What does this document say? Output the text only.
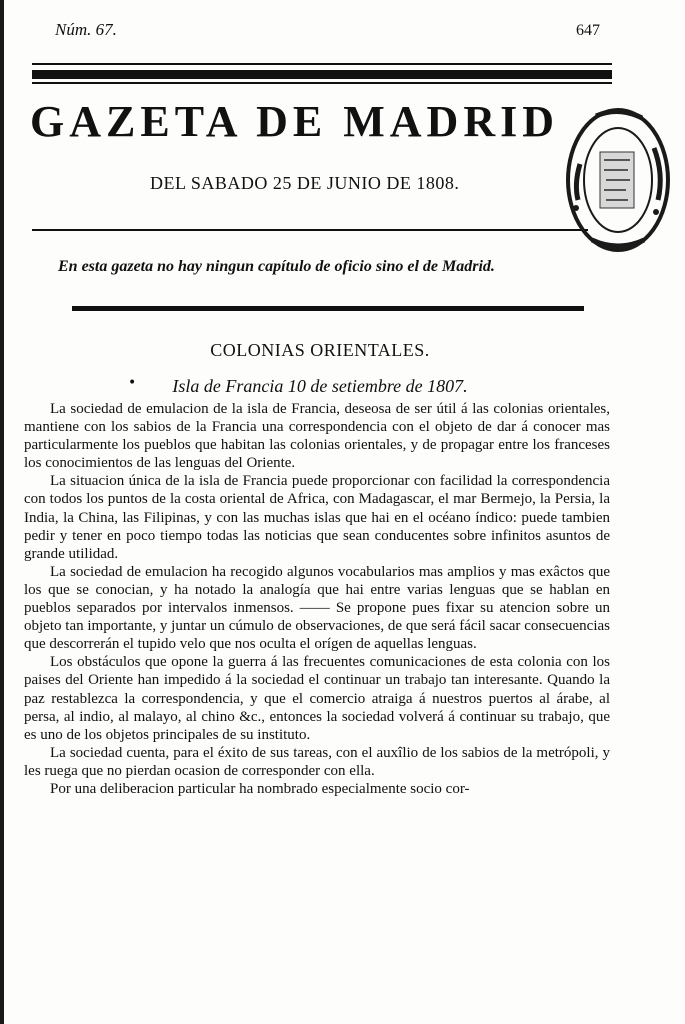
Núm. 67.	647
GAZETA DE MADRID
DEL SABADO 25 DE JUNIO DE 1808.
En esta gazeta no hay ningun capítulo de oficio sino el de Madrid.
COLONIAS ORIENTALES.
•	Isla de Francia 10 de setiembre de 1807.

La sociedad de emulacion de la isla de Francia, deseosa de ser útil á las colonias orientales, mantiene con los sabios de la Francia una correspondencia con el objeto de dar á conocer mas particularmente los pueblos que habitan las colonias orientales, y de propagar entre los franceses los conocimientos de las lenguas del Oriente.

La situacion única de la isla de Francia puede proporcionar con facilidad la correspondencia con todos los puntos de la costa oriental de Africa, con Madagascar, el mar Bermejo, la Persia, la India, la China, las Filipinas, y con las muchas islas que hai en el océano índico: puede tambien pedir y tener en poco tiempo todas las noticias que sean conducentes sobre infinitos asuntos de grande utilidad.

La sociedad de emulacion ha recogido algunos vocabularios mas amplios y mas exâctos que los que se conocian, y ha notado la analogía que hai entre varias lenguas que se hablan en pueblos separados por intervalos inmensos. —— Se propone pues fixar su atencion sobre un objeto tan importante, y juntar un cúmulo de observaciones, de que será fácil sacar consecuencias que descorrerán el tupido velo que nos oculta el orígen de aquellas lenguas.

Los obstáculos que opone la guerra á las frecuentes comunicaciones de esta colonia con los paises del Oriente han impedido á la sociedad el continuar un trabajo tan interesante. Quando la paz restablezca la correspondencia, y que el comercio atraiga á nuestros puertos al árabe, al persa, al indio, al malayo, al chino &c., entonces la sociedad volverá á continuar su trabajo, que es uno de los objetos principales de su instituto.

La sociedad cuenta, para el éxito de sus tareas, con el auxîlio de los sabios de la metrópoli, y les ruega que no pierdan ocasion de corresponder con ella.

Por una deliberacion particular ha nombrado especialmente socio cor-
